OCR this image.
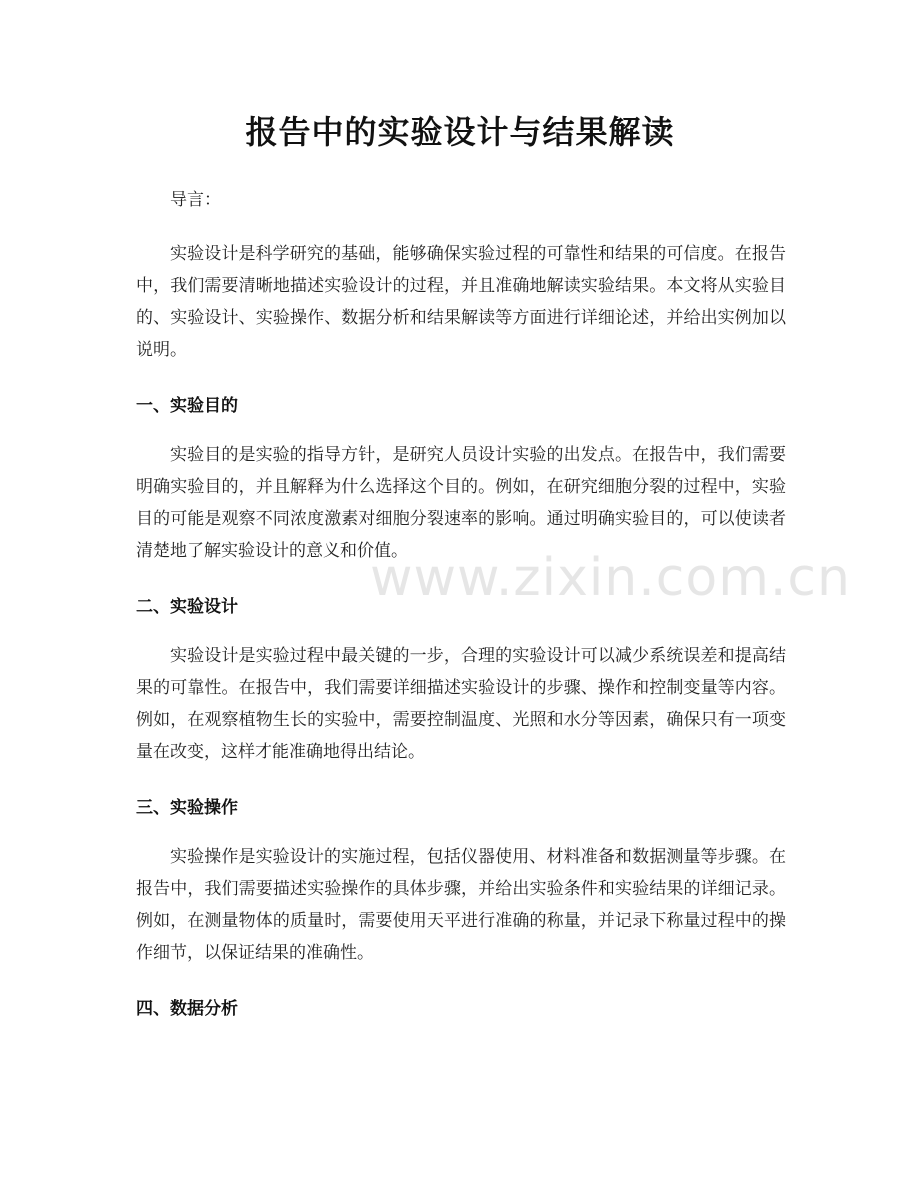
报告中的实验设计与结果解读
www.zixin.com.cn

导言：

实验设计是科学研究的基础，能够确保实验过程的可靠性和结果的可信度。在报告中，我们需要清晰地描述实验设计的过程，并且准确地解读实验结果。本文将从实验目的、实验设计、实验操作、数据分析和结果解读等方面进行详细论述，并给出实例加以说明。

一、实验目的

实验目的是实验的指导方针，是研究人员设计实验的出发点。在报告中，我们需要明确实验目的，并且解释为什么选择这个目的。例如，在研究细胞分裂的过程中，实验目的可能是观察不同浓度激素对细胞分裂速率的影响。通过明确实验目的，可以使读者清楚地了解实验设计的意义和价值。

二、实验设计

实验设计是实验过程中最关键的一步，合理的实验设计可以减少系统误差和提高结果的可靠性。在报告中，我们需要详细描述实验设计的步骤、操作和控制变量等内容。例如，在观察植物生长的实验中，需要控制温度、光照和水分等因素，确保只有一项变量在改变，这样才能准确地得出结论。

三、实验操作

实验操作是实验设计的实施过程，包括仪器使用、材料准备和数据测量等步骤。在报告中，我们需要描述实验操作的具体步骤，并给出实验条件和实验结果的详细记录。例如，在测量物体的质量时，需要使用天平进行准确的称量，并记录下称量过程中的操作细节，以保证结果的准确性。

四、数据分析
